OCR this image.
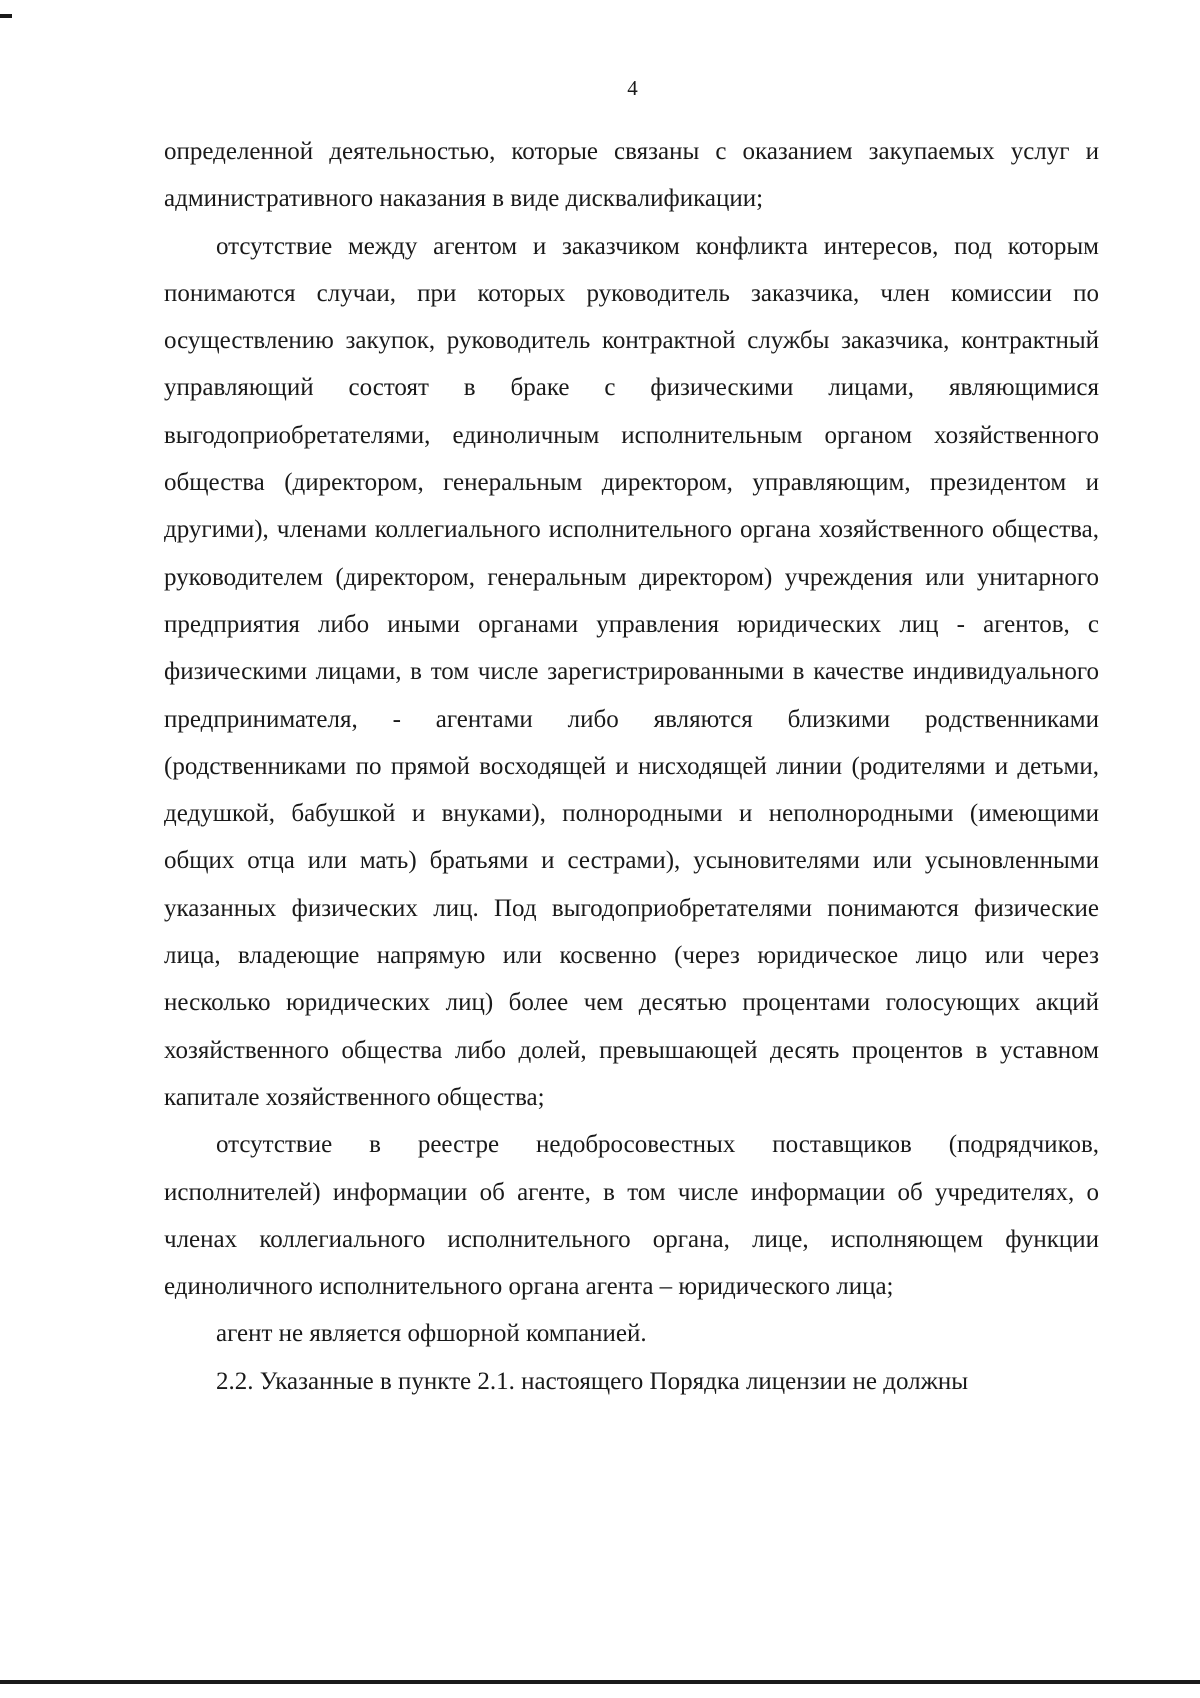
4

определенной деятельностью, которые связаны с оказанием закупаемых услуг и административного наказания в виде дисквалификации;

отсутствие между агентом и заказчиком конфликта интересов, под которым понимаются случаи, при которых руководитель заказчика, член комиссии по осуществлению закупок, руководитель контрактной службы заказчика, контрактный управляющий состоят в браке с физическими лицами, являющимися выгодоприобретателями, единоличным исполнительным органом хозяйственного общества (директором, генеральным директором, управляющим, президентом и другими), членами коллегиального исполнительного органа хозяйственного общества, руководителем (директором, генеральным директором) учреждения или унитарного предприятия либо иными органами управления юридических лиц - агентов, с физическими лицами, в том числе зарегистрированными в качестве индивидуального предпринимателя, - агентами либо являются близкими родственниками (родственниками по прямой восходящей и нисходящей линии (родителями и детьми, дедушкой, бабушкой и внуками), полнородными и неполнородными (имеющими общих отца или мать) братьями и сестрами), усыновителями или усыновленными указанных физических лиц. Под выгодоприобретателями понимаются физические лица, владеющие напрямую или косвенно (через юридическое лицо или через несколько юридических лиц) более чем десятью процентами голосующих акций хозяйственного общества либо долей, превышающей десять процентов в уставном капитале хозяйственного общества;

отсутствие в реестре недобросовестных поставщиков (подрядчиков, исполнителей) информации об агенте, в том числе информации об учредителях, о членах коллегиального исполнительного органа, лице, исполняющем функции единоличного исполнительного органа агента – юридического лица;

агент не является офшорной компанией.

2.2. Указанные в пункте 2.1. настоящего Порядка лицензии не должны
